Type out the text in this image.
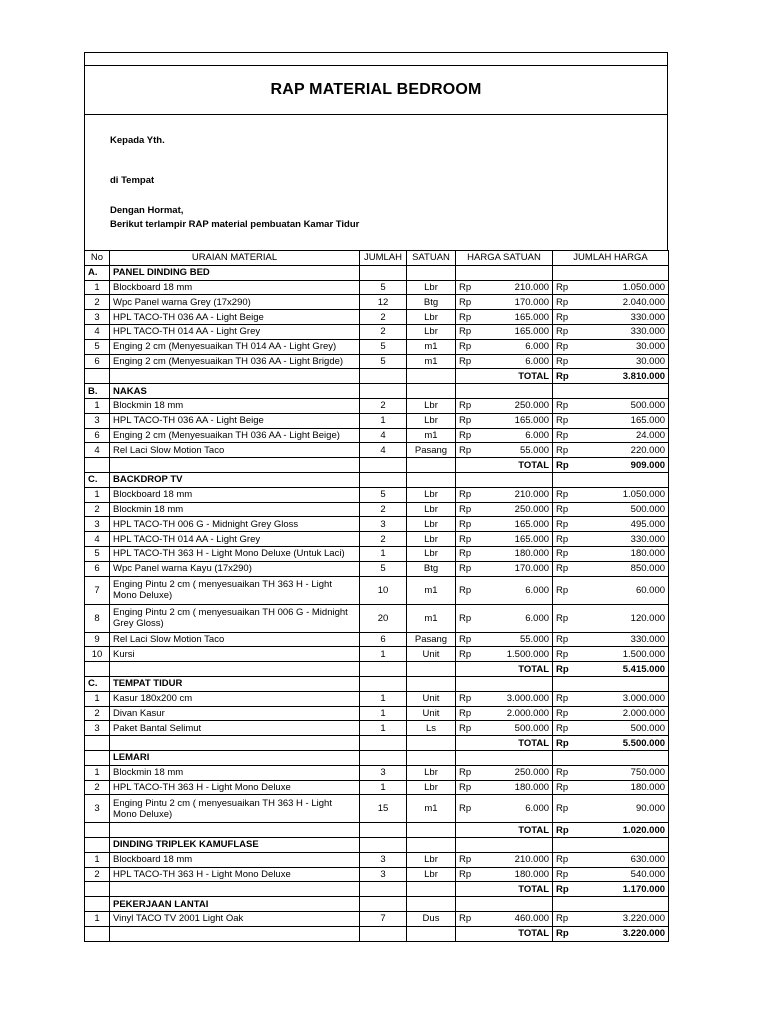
RAP MATERIAL BEDROOM
Kepada Yth.
di Tempat
Dengan Hormat,
Berikut terlampir RAP material pembuatan Kamar Tidur
No	URAIAN MATERIAL	JUMLAH	SATUAN	HARGA SATUAN		JUMLAH HARGA	
A.	PANEL DINDING BED						
1	Blockboard 18 mm	5	Lbr	Rp	210.000	Rp	1.050.000
2	Wpc Panel warna Grey (17x290)	12	Btg	Rp	170.000	Rp	2.040.000
3	HPL TACO-TH 036 AA - Light Beige	2	Lbr	Rp	165.000	Rp	330.000
4	HPL TACO-TH 014 AA - Light Grey	2	Lbr	Rp	165.000	Rp	330.000
5	Enging 2 cm (Menyesuaikan TH 014 AA - Light Grey)	5	m1	Rp	6.000	Rp	30.000
6	Enging 2 cm (Menyesuaikan TH 036 AA - Light Brigde)	5	m1	Rp	6.000	Rp	30.000
				TOTAL		Rp	3.810.000
B.	NAKAS						
1	Blockmin 18 mm	2	Lbr	Rp	250.000	Rp	500.000
3	HPL TACO-TH 036 AA - Light Beige	1	Lbr	Rp	165.000	Rp	165.000
6	Enging 2 cm (Menyesuaikan TH 036 AA - Light Beige)	4	m1	Rp	6.000	Rp	24.000
4	Rel Laci Slow Motion Taco	4	Pasang	Rp	55.000	Rp	220.000
				TOTAL		Rp	909.000
C.	BACKDROP TV						
1	Blockboard 18 mm	5	Lbr	Rp	210.000	Rp	1.050.000
2	Blockmin 18 mm	2	Lbr	Rp	250.000	Rp	500.000
3	HPL TACO-TH 006 G - Midnight Grey Gloss	3	Lbr	Rp	165.000	Rp	495.000
4	HPL TACO-TH 014 AA - Light Grey	2	Lbr	Rp	165.000	Rp	330.000
5	HPL TACO-TH 363 H - Light Mono Deluxe (Untuk Laci)	1	Lbr	Rp	180.000	Rp	180.000
6	Wpc Panel warna Kayu (17x290)	5	Btg	Rp	170.000	Rp	850.000
7	Enging Pintu 2 cm ( menyesuaikan TH 363 H - Light Mono Deluxe)	10	m1	Rp	6.000	Rp	60.000
8	Enging Pintu 2 cm ( menyesuaikan TH 006 G - Midnight Grey Gloss)	20	m1	Rp	6.000	Rp	120.000
9	Rel Laci Slow Motion Taco	6	Pasang	Rp	55.000	Rp	330.000
10	Kursi	1	Unit	Rp	1.500.000	Rp	1.500.000
				TOTAL		Rp	5.415.000
C.	TEMPAT TIDUR						
1	Kasur 180x200 cm	1	Unit	Rp	3.000.000	Rp	3.000.000
2	Divan Kasur	1	Unit	Rp	2.000.000	Rp	2.000.000
3	Paket Bantal Selimut	1	Ls	Rp	500.000	Rp	500.000
				TOTAL		Rp	5.500.000
	LEMARI						
1	Blockmin 18 mm	3	Lbr	Rp	250.000	Rp	750.000
2	HPL TACO-TH 363 H - Light Mono Deluxe	1	Lbr	Rp	180.000	Rp	180.000
3	Enging Pintu 2 cm ( menyesuaikan TH 363 H - Light Mono Deluxe)	15	m1	Rp	6.000	Rp	90.000
				TOTAL		Rp	1.020.000
	DINDING TRIPLEK KAMUFLASE						
1	Blockboard 18 mm	3	Lbr	Rp	210.000	Rp	630.000
2	HPL TACO-TH 363 H - Light Mono Deluxe	3	Lbr	Rp	180.000	Rp	540.000
				TOTAL		Rp	1.170.000
	PEKERJAAN LANTAI						
1	Vinyl TACO TV 2001 Light Oak	7	Dus	Rp	460.000	Rp	3.220.000
				TOTAL		Rp	3.220.000
